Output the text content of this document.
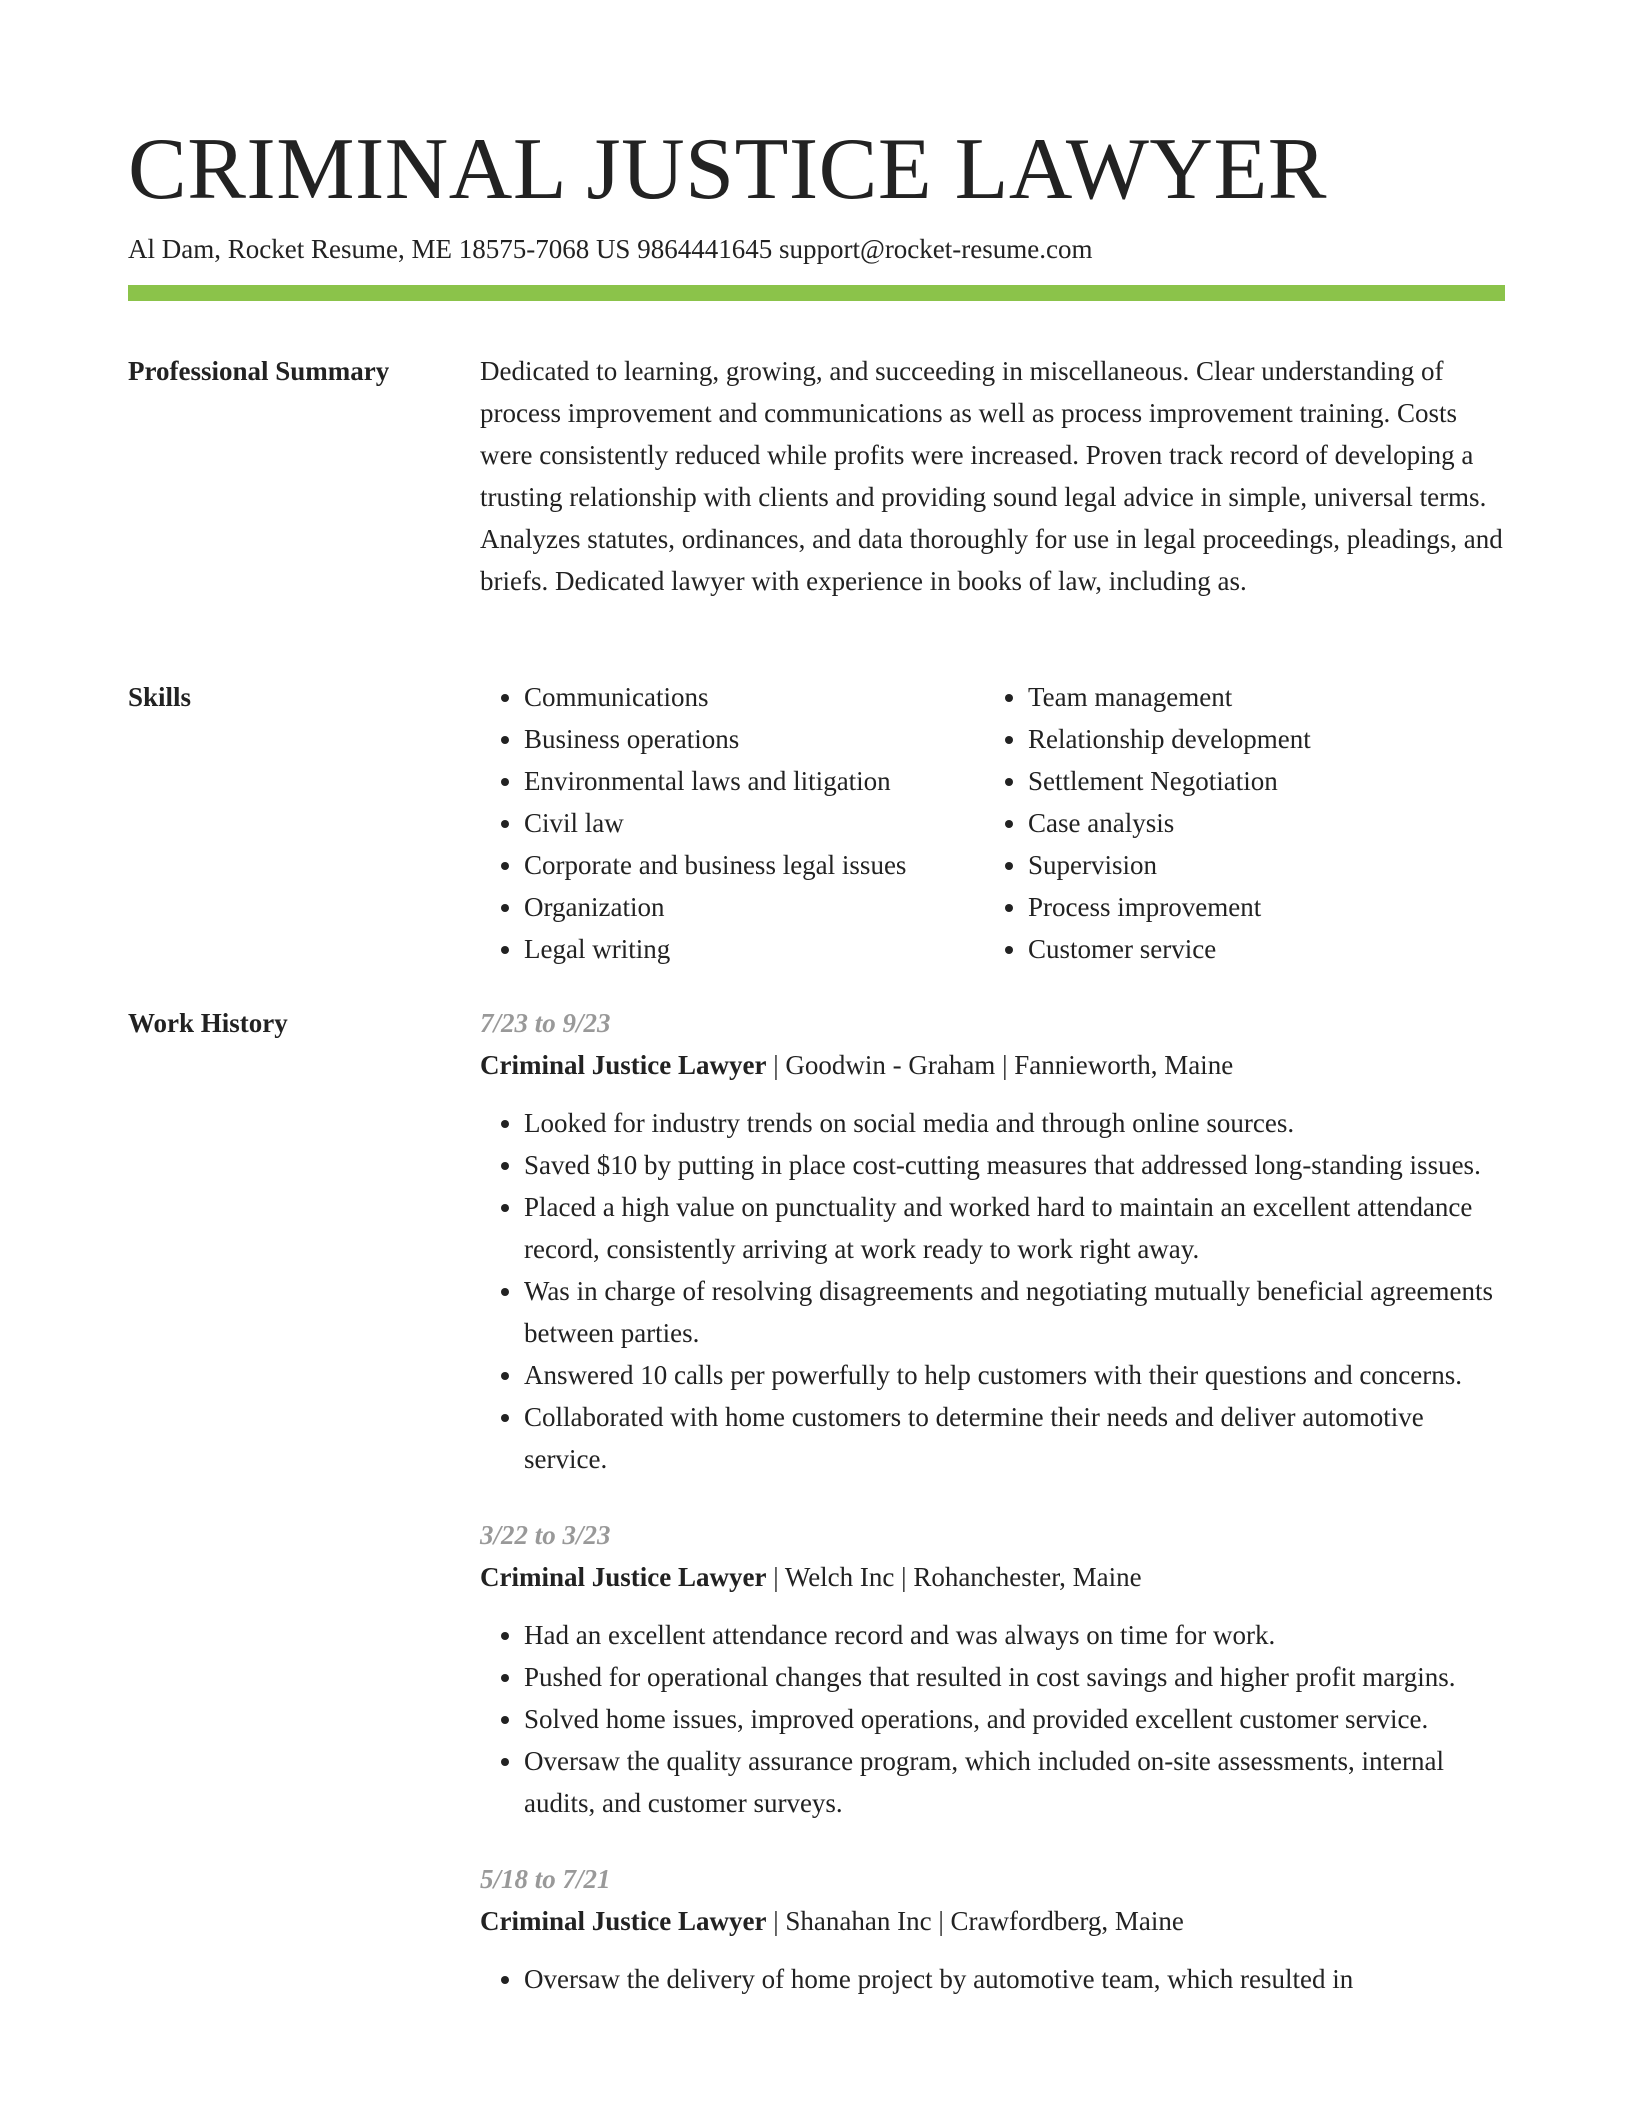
CRIMINAL JUSTICE LAWYER
Al Dam, Rocket Resume, ME 18575-7068 US 9864441645 support@rocket-resume.com
Professional Summary	Dedicated to learning, growing, and succeeding in miscellaneous. Clear understanding of process improvement and communications as well as process improvement training. Costs were consistently reduced while profits were increased. Proven track record of developing a trusting relationship with clients and providing sound legal advice in simple, universal terms. Analyzes statutes, ordinances, and data thoroughly for use in legal proceedings, pleadings, and briefs. Dedicated lawyer with experience in books of law, including as.
Skills
•	Communications
• Business operations
• Environmental laws and litigation
• Civil law
• Corporate and business legal issues
• Organization
• Legal writing
• Team management
• Relationship development
• Settlement Negotiation
• Case analysis
• Supervision
• Process improvement
• Customer service
Work History	7/23 to 9/23
Criminal Justice Lawyer | Goodwin - Graham | Fannieworth, Maine
• Looked for industry trends on social media and through online sources.
• Saved $10 by putting in place cost-cutting measures that addressed long-standing issues.
• Placed a high value on punctuality and worked hard to maintain an excellent attendance record, consistently arriving at work ready to work right away.
• Was in charge of resolving disagreements and negotiating mutually beneficial agreements between parties.
• Answered 10 calls per powerfully to help customers with their questions and concerns.
• Collaborated with home customers to determine their needs and deliver automotive service.
3/22 to 3/23
Criminal Justice Lawyer | Welch Inc | Rohanchester, Maine
• Had an excellent attendance record and was always on time for work.
• Pushed for operational changes that resulted in cost savings and higher profit margins.
• Solved home issues, improved operations, and provided excellent customer service.
• Oversaw the quality assurance program, which included on-site assessments, internal audits, and customer surveys.
5/18 to 7/21
Criminal Justice Lawyer | Shanahan Inc | Crawfordberg, Maine
• Oversaw the delivery of home project by automotive team, which resulted in
